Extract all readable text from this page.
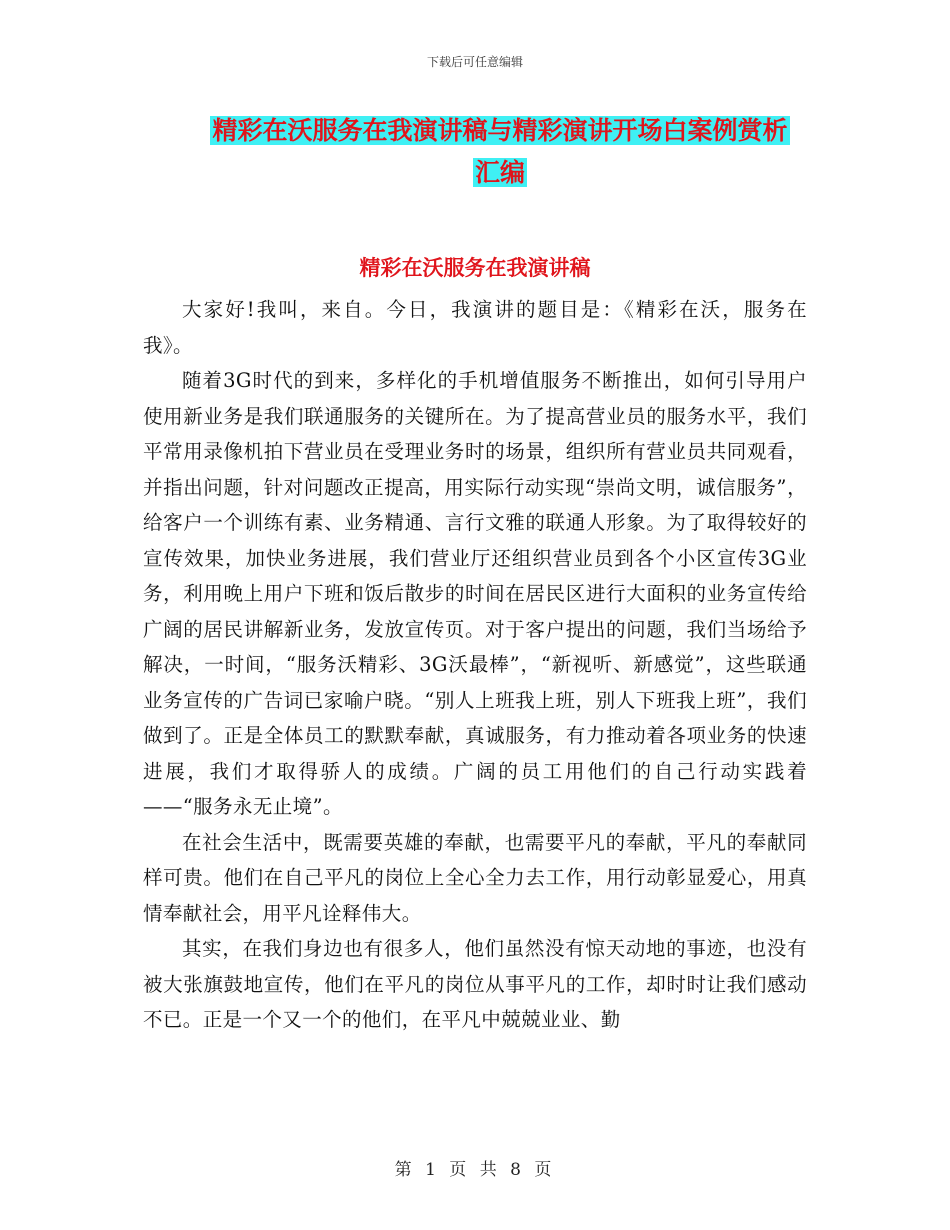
下载后可任意编辑
精彩在沃服务在我演讲稿与精彩演讲开场白案例赏析
汇编
精彩在沃服务在我演讲稿

大家好!我叫，来自。今日，我演讲的题目是：《精彩在沃，服务在我》。

随着3G时代的到来，多样化的手机增值服务不断推出，如何引导用户使用新业务是我们联通服务的关键所在。为了提高营业员的服务水平，我们平常用录像机拍下营业员在受理业务时的场景，组织所有营业员共同观看，并指出问题，针对问题改正提高，用实际行动实现“崇尚文明，诚信服务”，给客户一个训练有素、业务精通、言行文雅的联通人形象。为了取得较好的宣传效果，加快业务进展，我们营业厅还组织营业员到各个小区宣传3G业务，利用晚上用户下班和饭后散步的时间在居民区进行大面积的业务宣传给广阔的居民讲解新业务，发放宣传页。对于客户提出的问题，我们当场给予解决，一时间，“服务沃精彩、3G沃最棒”，“新视听、新感觉”，这些联通业务宣传的广告词已家喻户晓。“别人上班我上班，别人下班我上班”，我们做到了。正是全体员工的默默奉献，真诚服务，有力推动着各项业务的快速进展，我们才取得骄人的成绩。广阔的员工用他们的自己行动实践着——“服务永无止境”。

在社会生活中，既需要英雄的奉献，也需要平凡的奉献，平凡的奉献同样可贵。他们在自己平凡的岗位上全心全力去工作，用行动彰显爱心，用真情奉献社会，用平凡诠释伟大。

其实，在我们身边也有很多人，他们虽然没有惊天动地的事迹，也没有被大张旗鼓地宣传，他们在平凡的岗位从事平凡的工作，却时时让我们感动不已。正是一个又一个的他们，在平凡中兢兢业业、勤

第 1 页 共 8 页
